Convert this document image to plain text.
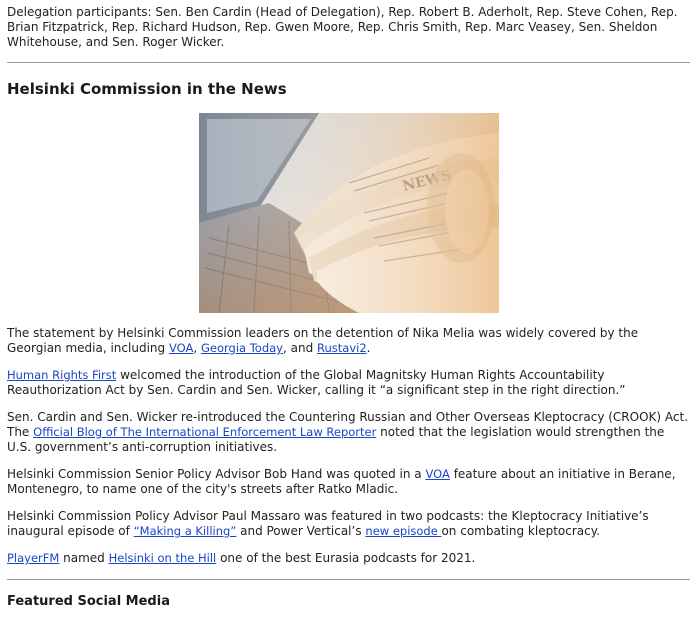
Delegation participants: Sen. Ben Cardin (Head of Delegation), Rep. Robert B. Aderholt, Rep. Steve Cohen, Rep. Brian Fitzpatrick, Rep. Richard Hudson, Rep. Gwen Moore, Rep. Chris Smith, Rep. Marc Veasey, Sen. Sheldon Whitehouse, and Sen. Roger Wicker.

Helsinki Commission in the News

The statement by Helsinki Commission leaders on the detention of Nika Melia was widely covered by the Georgian media, including VOA, Georgia Today, and Rustavi2.

Human Rights First welcomed the introduction of the Global Magnitsky Human Rights Accountability Reauthorization Act by Sen. Cardin and Sen. Wicker, calling it “a significant step in the right direction.”

Sen. Cardin and Sen. Wicker re-introduced the Countering Russian and Other Overseas Kleptocracy (CROOK) Act. The Official Blog of The International Enforcement Law Reporter noted that the legislation would strengthen the U.S. government’s anti-corruption initiatives.

Helsinki Commission Senior Policy Advisor Bob Hand was quoted in a VOA feature about an initiative in Berane, Montenegro, to name one of the city's streets after Ratko Mladic.

Helsinki Commission Policy Advisor Paul Massaro was featured in two podcasts: the Kleptocracy Initiative’s inaugural episode of “Making a Killing” and Power Vertical’s new episode on combating kleptocracy.

PlayerFM named Helsinki on the Hill one of the best Eurasia podcasts for 2021.

Featured Social Media
